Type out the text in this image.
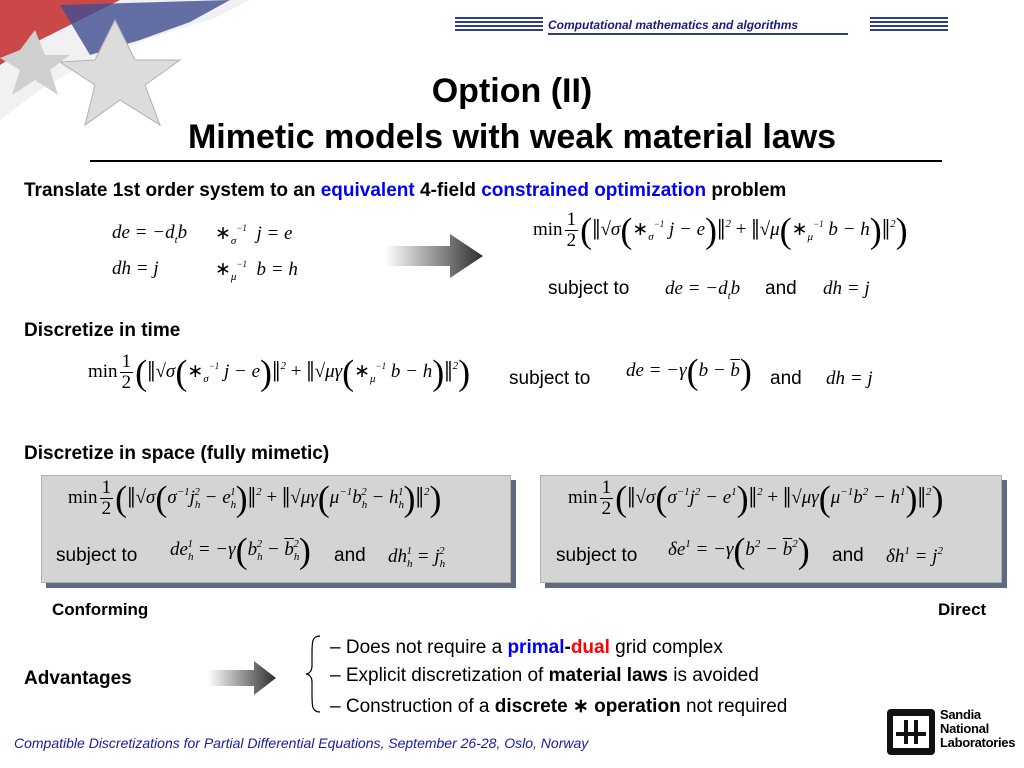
Computational mathematics and algorithms
Option (II)
Mimetic models with weak material laws
Translate 1st order system to an equivalent 4-field constrained optimization problem
de = $-d_tb$
dh = j
$∗_\sigma^{-1}$ j = e
$∗_\mu^{-1}$ b = h
$\min \frac{1}{2}$ ($‖√\sigma(∗_\sigma^{-1}$ j − e)‖$^2$ + $‖√\mu(∗_\mu^{-1}$ b − h)‖$^2$)
subject to de = $-d_tb$ and dh = j
Discretize in time
$\min \frac{1}{2}$ ($‖√\sigma(∗_\sigma^{-1}$ j − e)‖$^2$ + $‖√\mu\gamma(∗_\mu^{-1}$ b − h)‖$^2$) subject to de = $-\gamma(b - \overline{b})$ and dh = j
Discretize in space (fully mimetic)
$\min \frac{1}{2}$ ($‖√\sigma(\sigma^{-1}j_h^2$ − $e_h^1)‖^2$ + $‖√\mu\gamma(\mu^{-1}b_h^2$ − $h_h^1)‖^2$)
subject to $de_h^1 = -\gamma(b_h^2 - \overline{b}_h^2)$ and $dh_h^1 = j_h^2$
Conforming
$\min \frac{1}{2}$ ($‖√\sigma(\sigma^{-1}j^2$ − $e^1)‖^2$ + $‖√\mu\gamma(\mu^{-1}b^2$ − $h^1)‖^2$)
subject to $\delta e^1 = -\gamma(b^2 - \overline{b}^2)$ and $\delta h^1 = j^2$
Direct
Advantages
– Does not require a primal-dual grid complex
– Explicit discretization of material laws is avoided
– Construction of a discrete ∗ operation not required
Compatible Discretizations for Partial Differential Equations, September 26-28, Oslo, Norway
Sandia
National
Laboratories
